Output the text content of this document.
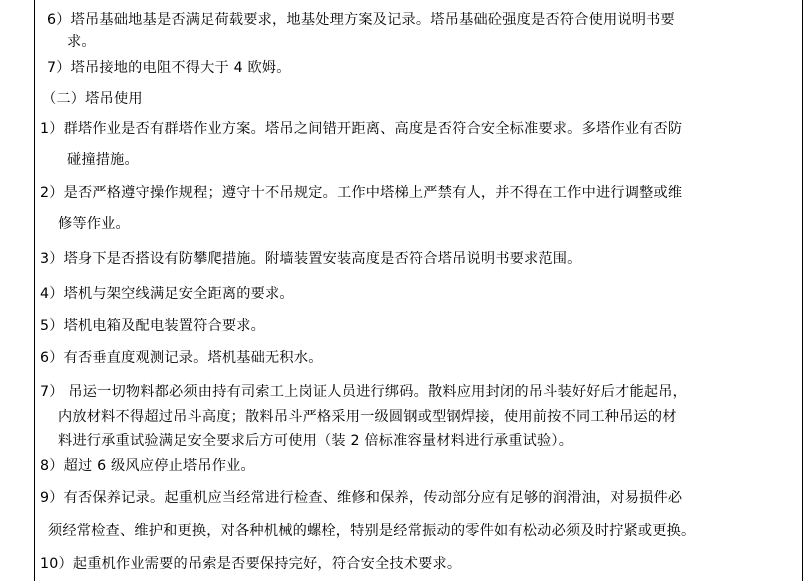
6）塔吊基础地基是否满足荷载要求，地基处理方案及记录。塔吊基础砼强度是否符合使用说明书要
求。
7）塔吊接地的电阻不得大于 4 欧姆。
（二）塔吊使用
1）群塔作业是否有群塔作业方案。塔吊之间错开距离、高度是否符合安全标准要求。多塔作业有否防
碰撞措施。
2）是否严格遵守操作规程；遵守十不吊规定。工作中塔梯上严禁有人，并不得在工作中进行调整或维
修等作业。
3）塔身下是否搭设有防攀爬措施。附墙装置安装高度是否符合塔吊说明书要求范围。
4）塔机与架空线满足安全距离的要求。
5）塔机电箱及配电装置符合要求。
6）有否垂直度观测记录。塔机基础无积水。
7） 吊运一切物料都必须由持有司索工上岗证人员进行绑码。散料应用封闭的吊斗装好好后才能起吊，
内放材料不得超过吊斗高度；散料吊斗严格采用一级圆钢或型钢焊接，使用前按不同工种吊运的材
料进行承重试验满足安全要求后方可使用（装 2 倍标准容量材料进行承重试验）。
8）超过 6 级风应停止塔吊作业。
9）有否保养记录。起重机应当经常进行检查、维修和保养，传动部分应有足够的润滑油，对易损件必
须经常检查、维护和更换，对各种机械的螺栓，特别是经常振动的零件如有松动必须及时拧紧或更换。
10）起重机作业需要的吊索是否要保持完好，符合安全技术要求。
